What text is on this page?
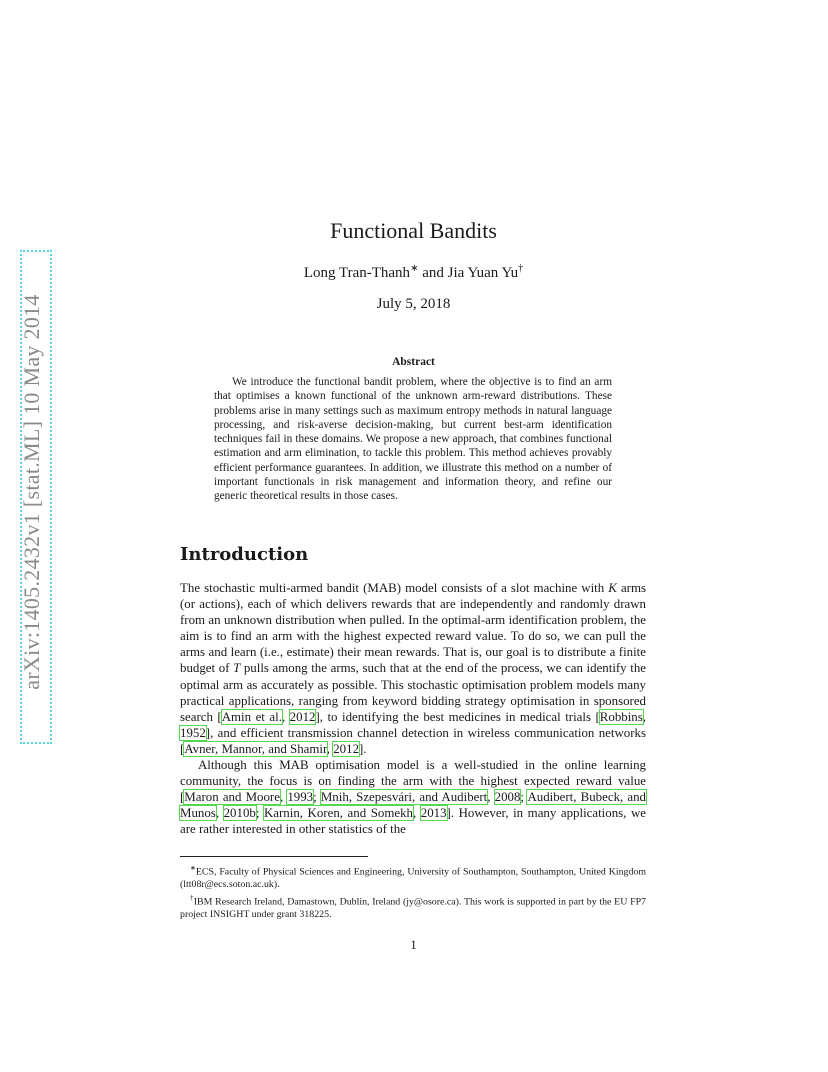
arXiv:1405.2432v1 [stat.ML] 10 May 2014
Functional Bandits
Long Tran-Thanh∗ and Jia Yuan Yu†
July 5, 2018
Abstract

We introduce the functional bandit problem, where the objective is to find an arm that optimises a known functional of the unknown arm-reward distributions. These problems arise in many settings such as maximum entropy methods in natural language processing, and risk-averse decision-making, but current best-arm identification techniques fail in these domains. We propose a new approach, that combines functional estimation and arm elimination, to tackle this problem. This method achieves provably efficient performance guarantees. In addition, we illustrate this method on a number of important functionals in risk management and information theory, and refine our generic theoretical results in those cases.

Introduction

The stochastic multi-armed bandit (MAB) model consists of a slot machine with K arms (or actions), each of which delivers rewards that are independently and randomly drawn from an unknown distribution when pulled. In the optimal-arm identification problem, the aim is to find an arm with the highest expected reward value. To do so, we can pull the arms and learn (i.e., estimate) their mean rewards. That is, our goal is to distribute a finite budget of T pulls among the arms, such that at the end of the process, we can identify the optimal arm as accurately as possible. This stochastic optimisation problem models many practical applications, ranging from keyword bidding strategy optimisation in sponsored search [Amin et al., 2012], to identifying the best medicines in medical trials [Robbins, 1952], and efficient transmission channel detection in wireless communication networks [Avner, Mannor, and Shamir, 2012].

Although this MAB optimisation model is a well-studied in the online learning community, the focus is on finding the arm with the highest expected reward value [Maron and Moore, 1993; Mnih, Szepesvári, and Audibert, 2008; Audibert, Bubeck, and Munos, 2010b; Karnin, Koren, and Somekh, 2013]. However, in many applications, we are rather interested in other statistics of the

∗ECS, Faculty of Physical Sciences and Engineering, University of Southampton, Southampton, United Kingdom (ltt08r@ecs.soton.ac.uk).

†IBM Research Ireland, Damastown, Dublin, Ireland (jy@osore.ca). This work is supported in part by the EU FP7 project INSIGHT under grant 318225.

1
